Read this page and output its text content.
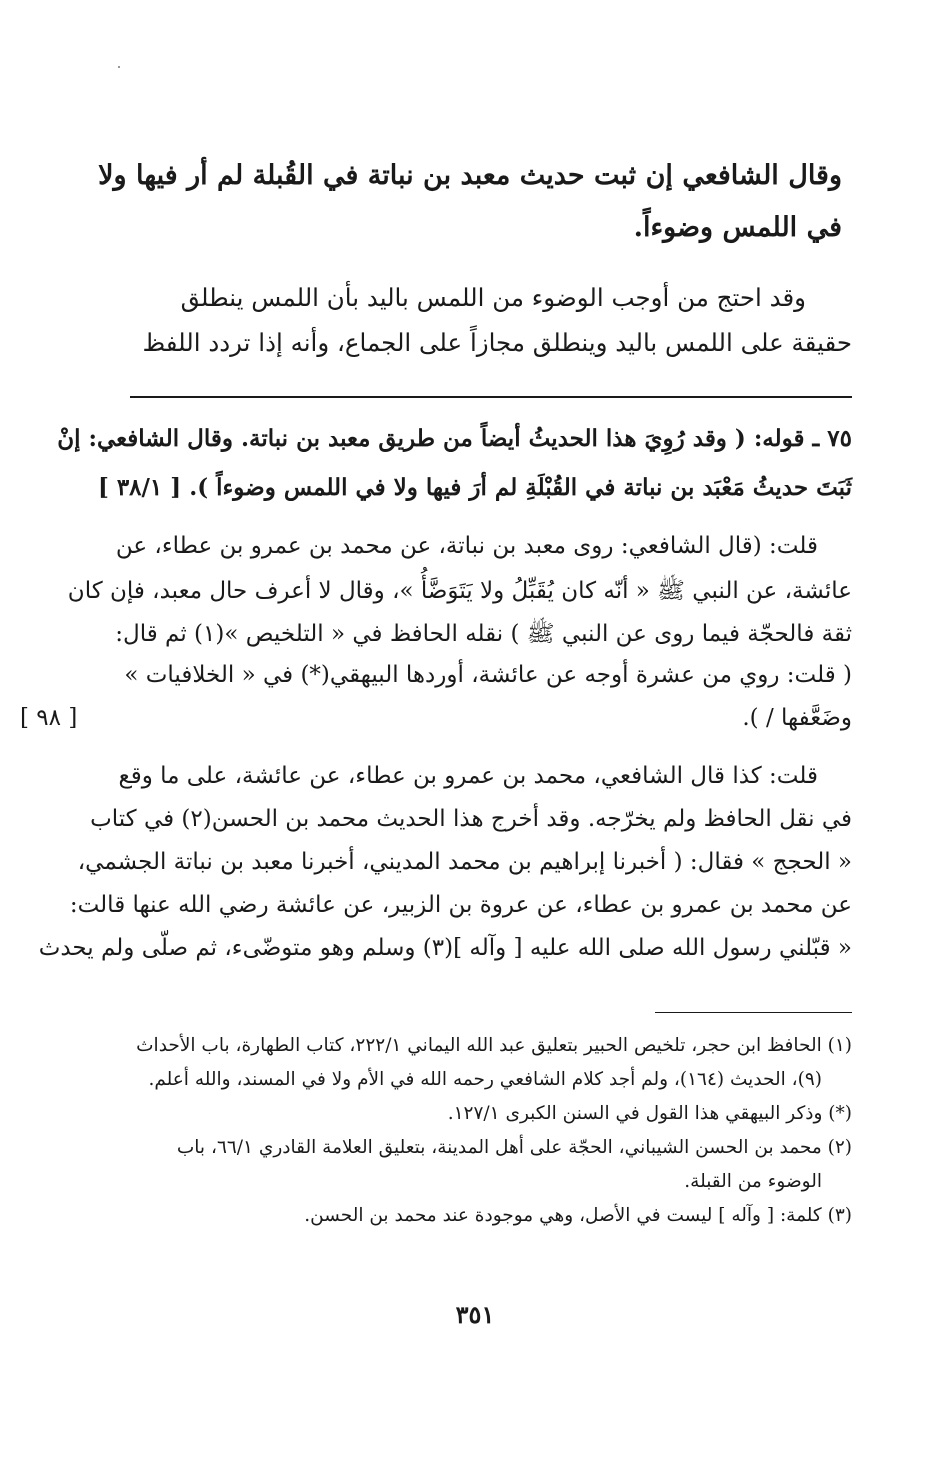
وقال الشافعي إن ثبت حديث معبد بن نباتة في القُبلة لم أر فيها ولا
في اللمس وضوءاً.
وقد احتج من أوجب الوضوء من اللمس باليد بأن اللمس ينطلق
حقيقة على اللمس باليد وينطلق مجازاً على الجماع، وأنه إذا تردد اللفظ
٧٥ ـ قوله: ( وقد رُوِيَ هذا الحديثُ أيضاً من طريق معبد بن نباتة. وقال الشافعي: إنْ
ثَبَتَ حديثُ مَعْبَد بن نباتة في القُبْلَةِ لم أرَ فيها ولا في اللمس وضوءاً ). [ ٣٨/١ ]
قلت: (قال الشافعي: روى معبد بن نباتة، عن محمد بن عمرو بن عطاء، عن
عائشة، عن النبي ﷺ « أنّه كان يُقَبِّلُ ولا يَتَوَضَّأُ »، وقال لا أعرف حال معبد، فإن كان
ثقة فالحجّة فيما روى عن النبي ﷺ ) نقله الحافظ في « التلخيص »(١) ثم قال:
( قلت: روي من عشرة أوجه عن عائشة، أوردها البيهقي(*) في « الخلافيات »
وضَعَّفها / ).
[ ٩٨ ]
قلت: كذا قال الشافعي، محمد بن عمرو بن عطاء، عن عائشة، على ما وقع
في نقل الحافظ ولم يخرّجه. وقد أخرج هذا الحديث محمد بن الحسن(٢) في كتاب
« الحجج » فقال: ( أخبرنا إبراهيم بن محمد المديني، أخبرنا معبد بن نباتة الجشمي،
عن محمد بن عمرو بن عطاء، عن عروة بن الزبير، عن عائشة رضي الله عنها قالت:
« قبّلني رسول الله صلى الله عليه [ وآله ](٣) وسلم وهو متوضّىء، ثم صلّى ولم يحدث
(١) الحافظ ابن حجر، تلخيص الحبير بتعليق عبد الله اليماني ٢٢٢/١، كتاب الطهارة، باب الأحداث
(٩)، الحديث (١٦٤)، ولم أجد كلام الشافعي رحمه الله في الأم ولا في المسند، والله أعلم.
(*) وذكر البيهقي هذا القول في السنن الكبرى ١٢٧/١.
(٢) محمد بن الحسن الشيباني، الحجّة على أهل المدينة، بتعليق العلامة القادري ٦٦/١، باب
الوضوء من القبلة.
(٣) كلمة: [ وآله ] ليست في الأصل، وهي موجودة عند محمد بن الحسن.
٣٥١
